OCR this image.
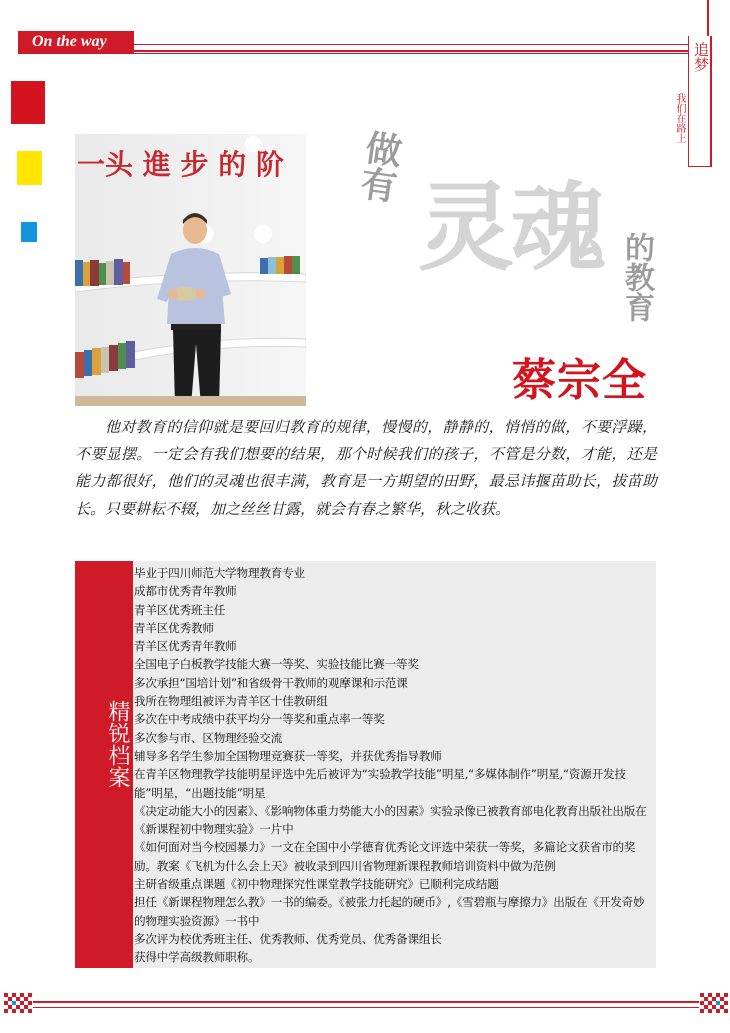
On the way
追梦
我们在路上
一头 進 步 的 阶 做有
灵魂 的教育
蔡宗全

他对教育的信仰就是要回归教育的规律，慢慢的，静静的，悄悄的做，不要浮躁，不要显摆。一定会有我们想要的结果，那个时候我们的孩子，不管是分数，才能，还是能力都很好，他们的灵魂也很丰满，教育是一方期望的田野，最忌讳揠苗助长，拔苗助长。只要耕耘不辍，加之丝丝甘露，就会有春之繁华，秋之收获。

精锐档案
毕业于四川师范大学物理教育专业
成都市优秀青年教师
青羊区优秀班主任
青羊区优秀教师
青羊区优秀青年教师
全国电子白板教学技能大赛一等奖、实验技能比赛一等奖
多次承担“国培计划”和省级骨干教师的观摩课和示范课
我所在物理组被评为青羊区十佳教研组
多次在中考成绩中获平均分一等奖和重点率一等奖
多次参与市、区物理经验交流
辅导多名学生参加全国物理竞赛获一等奖，并获优秀指导教师
在青羊区物理教学技能明星评选中先后被评为“实验教学技能”明星,“多媒体制作”明星,“资源开发技能”明星，“出题技能”明星
《决定动能大小的因素》、《影响物体重力势能大小的因素》实验录像已被教育部电化教育出版社出版在《新课程初中物理实验》一片中
《如何面对当今校园暴力》一文在全国中小学德育优秀论文评选中荣获一等奖，多篇论文获省市的奖励。教案《飞机为什么会上天》被收录到四川省物理新课程教师培训资料中做为范例
主研省级重点课题《初中物理探究性课堂教学技能研究》已顺利完成结题
担任《新课程物理怎么教》一书的编委。《被张力托起的硬币》,《雪碧瓶与摩擦力》出版在《开发奇妙的物理实验资源》一书中
多次评为校优秀班主任、优秀教师、优秀党员、优秀备课组长
获得中学高级教师职称。
